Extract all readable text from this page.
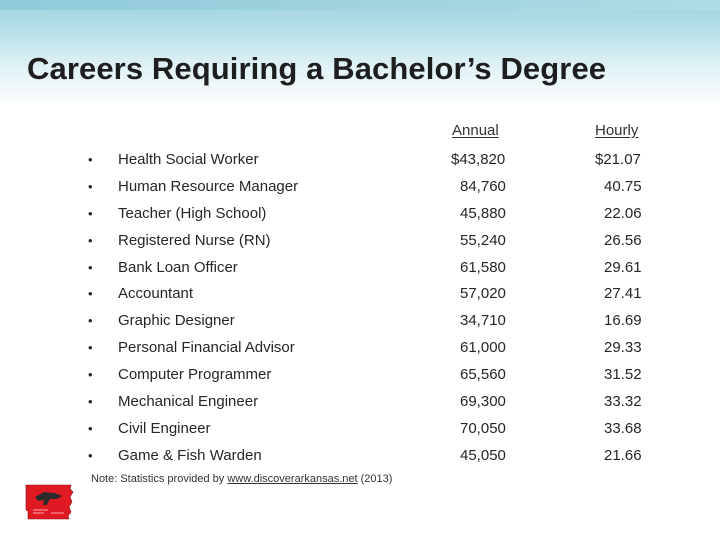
Careers Requiring a Bachelor’s Degree
Annual	Hourly
• Health Social Worker	$43,820	$21.07
• Human Resource Manager	84,760	40.75
• Teacher (High School)	45,880	22.06
• Registered Nurse (RN)	55,240	26.56
• Bank Loan Officer	61,580	29.61
• Accountant	57,020	27.41
• Graphic Designer	34,710	16.69
• Personal Financial Advisor	61,000	29.33
• Computer Programmer	65,560	31.52
• Mechanical Engineer	69,300	33.32
• Civil Engineer	70,050	33.68
• Game & Fish Warden	45,050	21.66
Note: Statistics provided by www.discoverarkansas.net (2013)
